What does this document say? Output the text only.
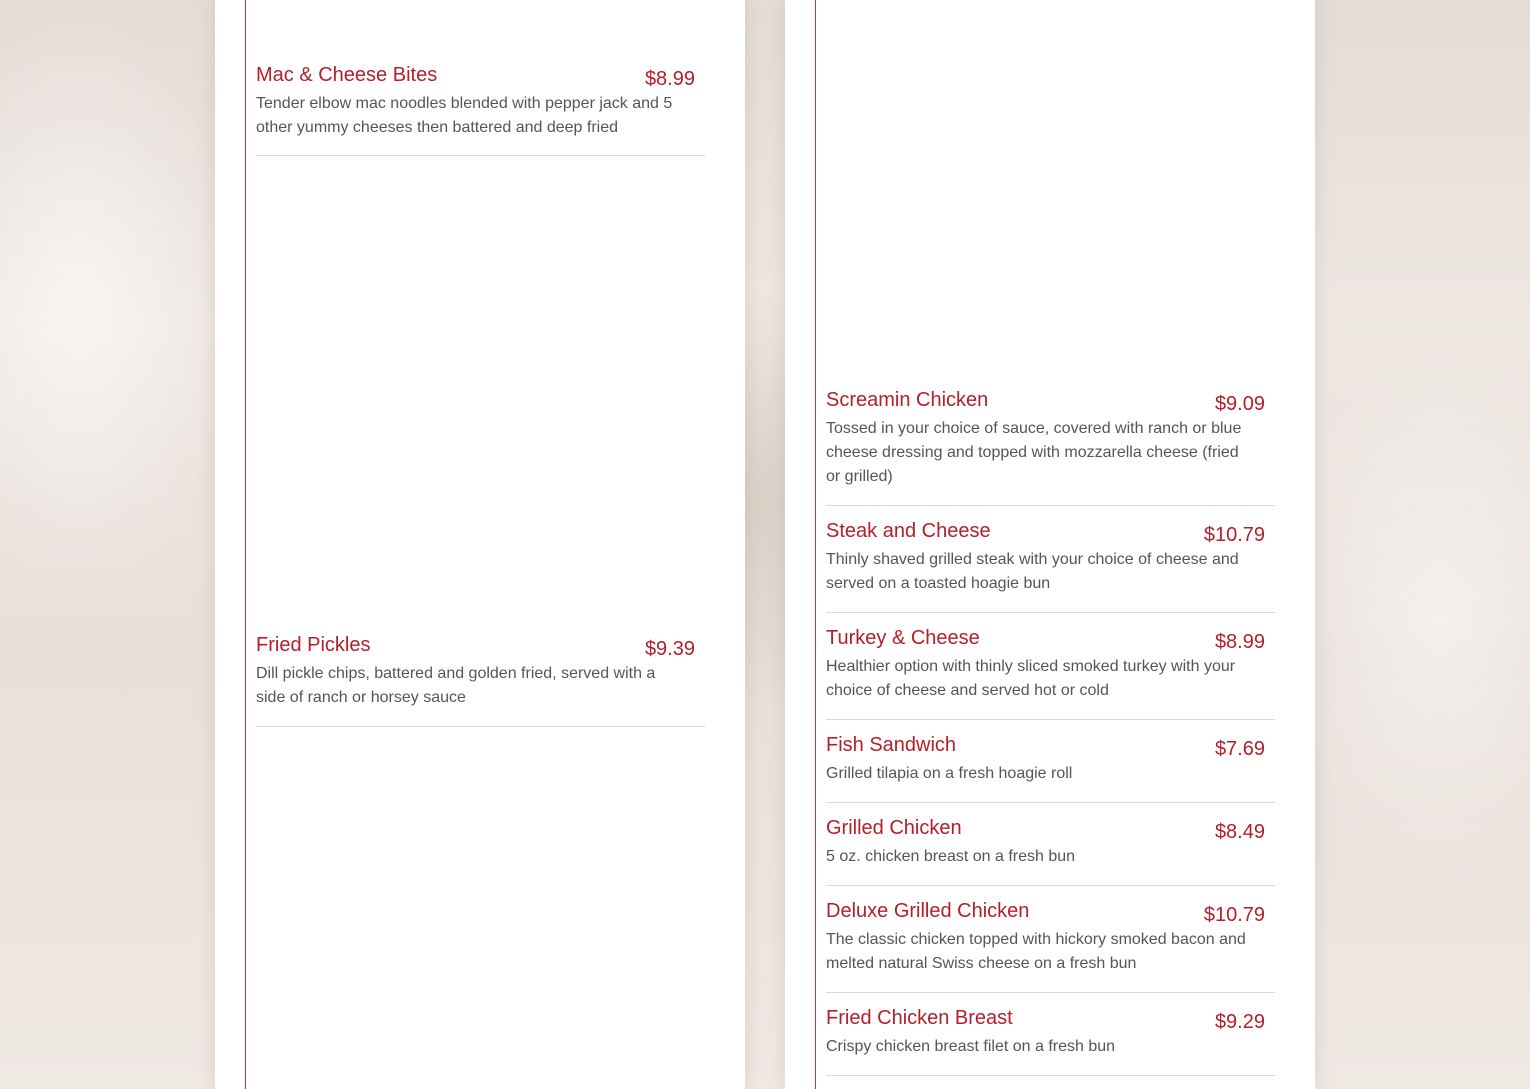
Mac & Cheese Bites	$8.99
Tender elbow mac noodles blended with pepper jack and 5 other yummy cheeses then battered and deep fried
Fried Pickles	$9.39
Dill pickle chips, battered and golden fried, served with a side of ranch or horsey sauce
Screamin Chicken	$9.09
Tossed in your choice of sauce, covered with ranch or blue cheese dressing and topped with mozzarella cheese (fried or grilled)
Steak and Cheese	$10.79
Thinly shaved grilled steak with your choice of cheese and served on a toasted hoagie bun
Turkey & Cheese	$8.99
Healthier option with thinly sliced smoked turkey with your choice of cheese and served hot or cold
Fish Sandwich	$7.69
Grilled tilapia on a fresh hoagie roll
Grilled Chicken	$8.49
5 oz. chicken breast on a fresh bun
Deluxe Grilled Chicken	$10.79
The classic chicken topped with hickory smoked bacon and melted natural Swiss cheese on a fresh bun
Fried Chicken Breast	$9.29
Crispy chicken breast filet on a fresh bun
